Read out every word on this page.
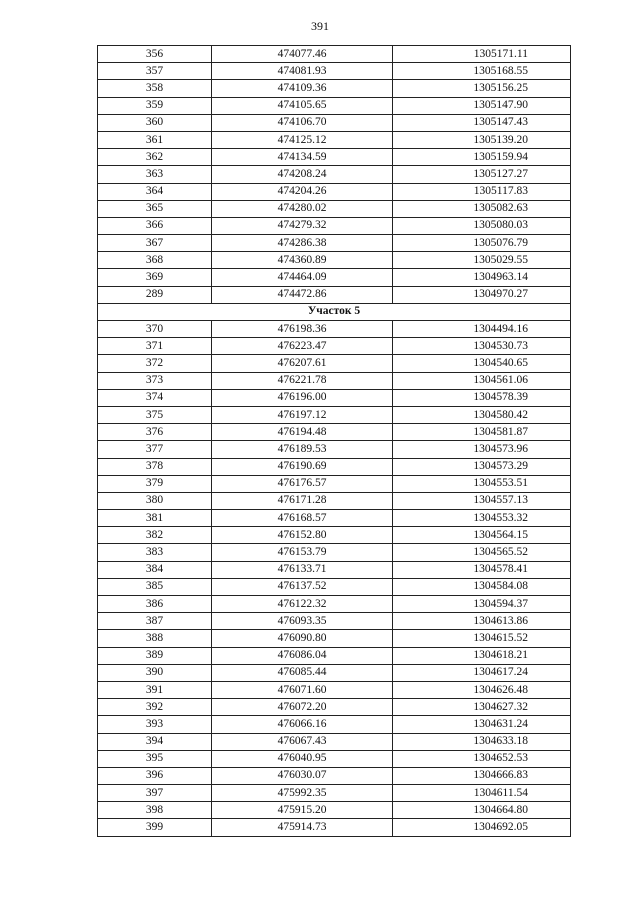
391
356	474077.46	1305171.11
357	474081.93	1305168.55
358	474109.36	1305156.25
359	474105.65	1305147.90
360	474106.70	1305147.43
361	474125.12	1305139.20
362	474134.59	1305159.94
363	474208.24	1305127.27
364	474204.26	1305117.83
365	474280.02	1305082.63
366	474279.32	1305080.03
367	474286.38	1305076.79
368	474360.89	1305029.55
369	474464.09	1304963.14
289	474472.86	1304970.27
Участок 5		
370	476198.36	1304494.16
371	476223.47	1304530.73
372	476207.61	1304540.65
373	476221.78	1304561.06
374	476196.00	1304578.39
375	476197.12	1304580.42
376	476194.48	1304581.87
377	476189.53	1304573.96
378	476190.69	1304573.29
379	476176.57	1304553.51
380	476171.28	1304557.13
381	476168.57	1304553.32
382	476152.80	1304564.15
383	476153.79	1304565.52
384	476133.71	1304578.41
385	476137.52	1304584.08
386	476122.32	1304594.37
387	476093.35	1304613.86
388	476090.80	1304615.52
389	476086.04	1304618.21
390	476085.44	1304617.24
391	476071.60	1304626.48
392	476072.20	1304627.32
393	476066.16	1304631.24
394	476067.43	1304633.18
395	476040.95	1304652.53
396	476030.07	1304666.83
397	475992.35	1304611.54
398	475915.20	1304664.80
399	475914.73	1304692.05
